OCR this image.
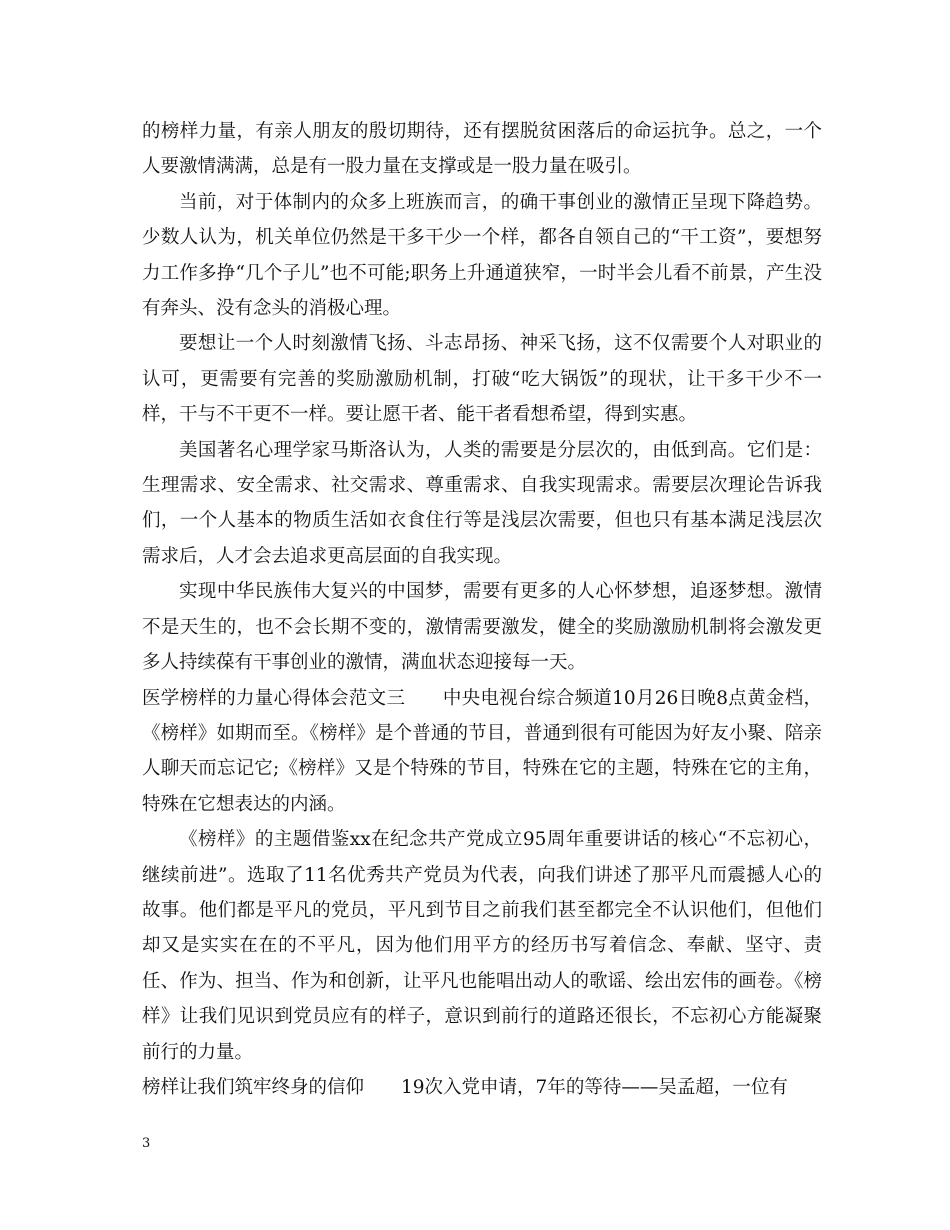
的榜样力量，有亲人朋友的殷切期待，还有摆脱贫困落后的命运抗争。总之，一个人要激情满满，总是有一股力量在支撑或是一股力量在吸引。

当前，对于体制内的众多上班族而言，的确干事创业的激情正呈现下降趋势。少数人认为，机关单位仍然是干多干少一个样，都各自领自己的“干工资”，要想努力工作多挣“几个子儿”也不可能;职务上升通道狭窄，一时半会儿看不前景，产生没有奔头、没有念头的消极心理。

要想让一个人时刻激情飞扬、斗志昂扬、神采飞扬，这不仅需要个人对职业的认可，更需要有完善的奖励激励机制，打破“吃大锅饭”的现状，让干多干少不一样，干与不干更不一样。要让愿干者、能干者看想希望，得到实惠。

美国著名心理学家马斯洛认为，人类的需要是分层次的，由低到高。它们是：生理需求、安全需求、社交需求、尊重需求、自我实现需求。需要层次理论告诉我们，一个人基本的物质生活如衣食住行等是浅层次需要，但也只有基本满足浅层次需求后，人才会去追求更高层面的自我实现。

实现中华民族伟大复兴的中国梦，需要有更多的人心怀梦想，追逐梦想。激情不是天生的，也不会长期不变的，激情需要激发，健全的奖励激励机制将会激发更多人持续葆有干事创业的激情，满血状态迎接每一天。

医学榜样的力量心得体会范文三　　中央电视台综合频道10月26日晚8点黄金档，《榜样》如期而至。《榜样》是个普通的节目，普通到很有可能因为好友小聚、陪亲人聊天而忘记它;《榜样》又是个特殊的节目，特殊在它的主题，特殊在它的主角，特殊在它想表达的内涵。

《榜样》的主题借鉴xx在纪念共产党成立95周年重要讲话的核心“不忘初心，继续前进”。选取了11名优秀共产党员为代表，向我们讲述了那平凡而震撼人心的故事。他们都是平凡的党员，平凡到节目之前我们甚至都完全不认识他们，但他们却又是实实在在的不平凡，因为他们用平方的经历书写着信念、奉献、坚守、责任、作为、担当、作为和创新，让平凡也能唱出动人的歌谣、绘出宏伟的画卷。《榜样》让我们见识到党员应有的样子，意识到前行的道路还很长，不忘初心方能凝聚前行的力量。

榜样让我们筑牢终身的信仰　　19次入党申请，7年的等待——吴孟超，一位有

3
